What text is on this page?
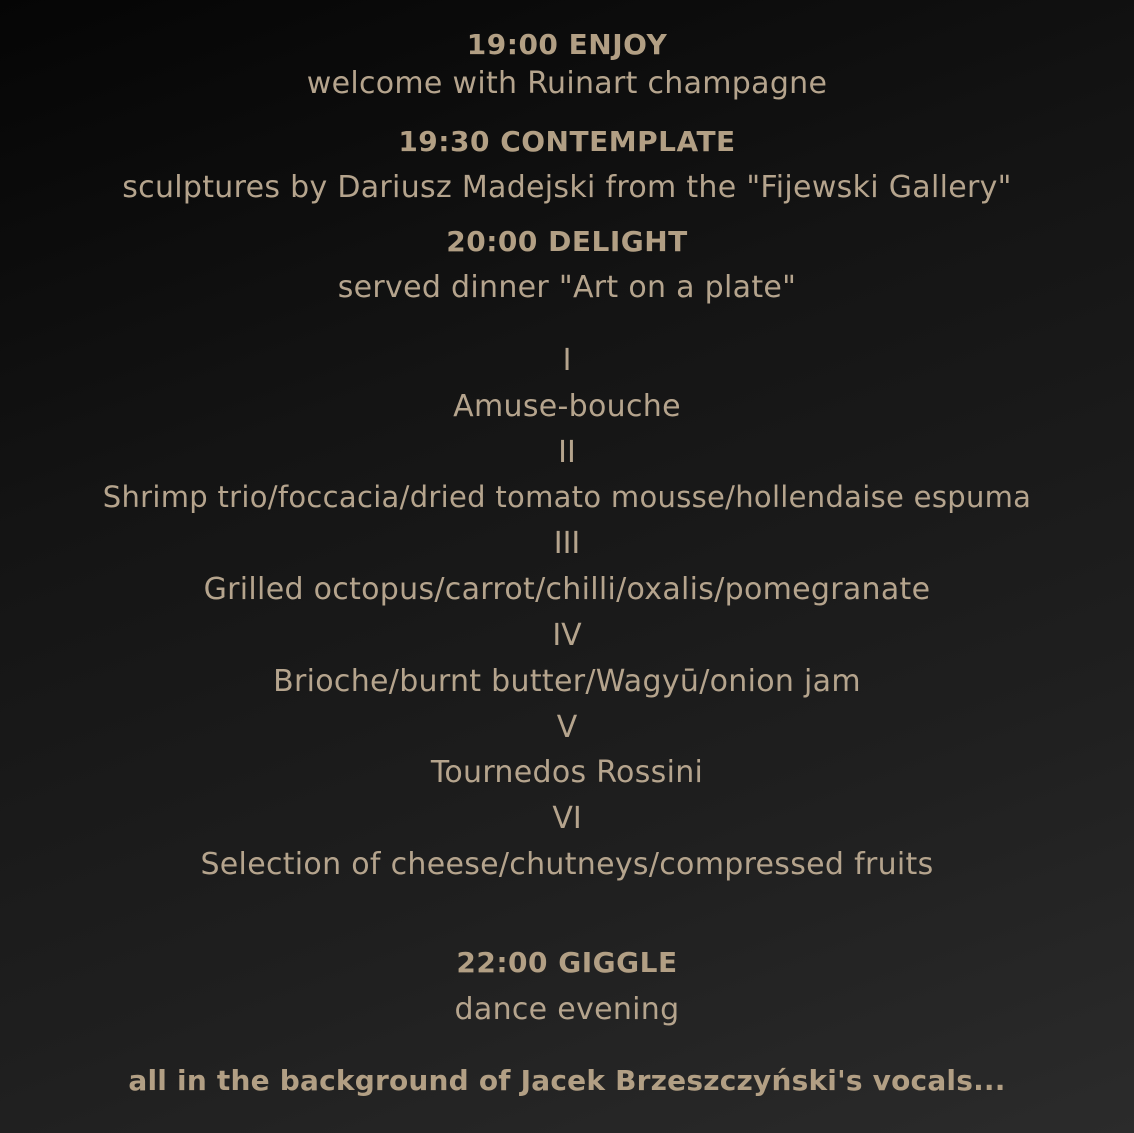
19:00 ENJOY
welcome with Ruinart champagne
19:30 CONTEMPLATE
sculptures by Dariusz Madejski from the "Fijewski Gallery"
20:00 DELIGHT
served dinner "Art on a plate"
I
Amuse-bouche
II
Shrimp trio/foccacia/dried tomato mousse/hollendaise espuma
III
Grilled octopus/carrot/chilli/oxalis/pomegranate
IV
Brioche/burnt butter/Wagyū/onion jam
V
Tournedos Rossini
VI
Selection of cheese/chutneys/compressed fruits
22:00 GIGGLE
dance evening
all in the background of Jacek Brzeszczyński's vocals...
